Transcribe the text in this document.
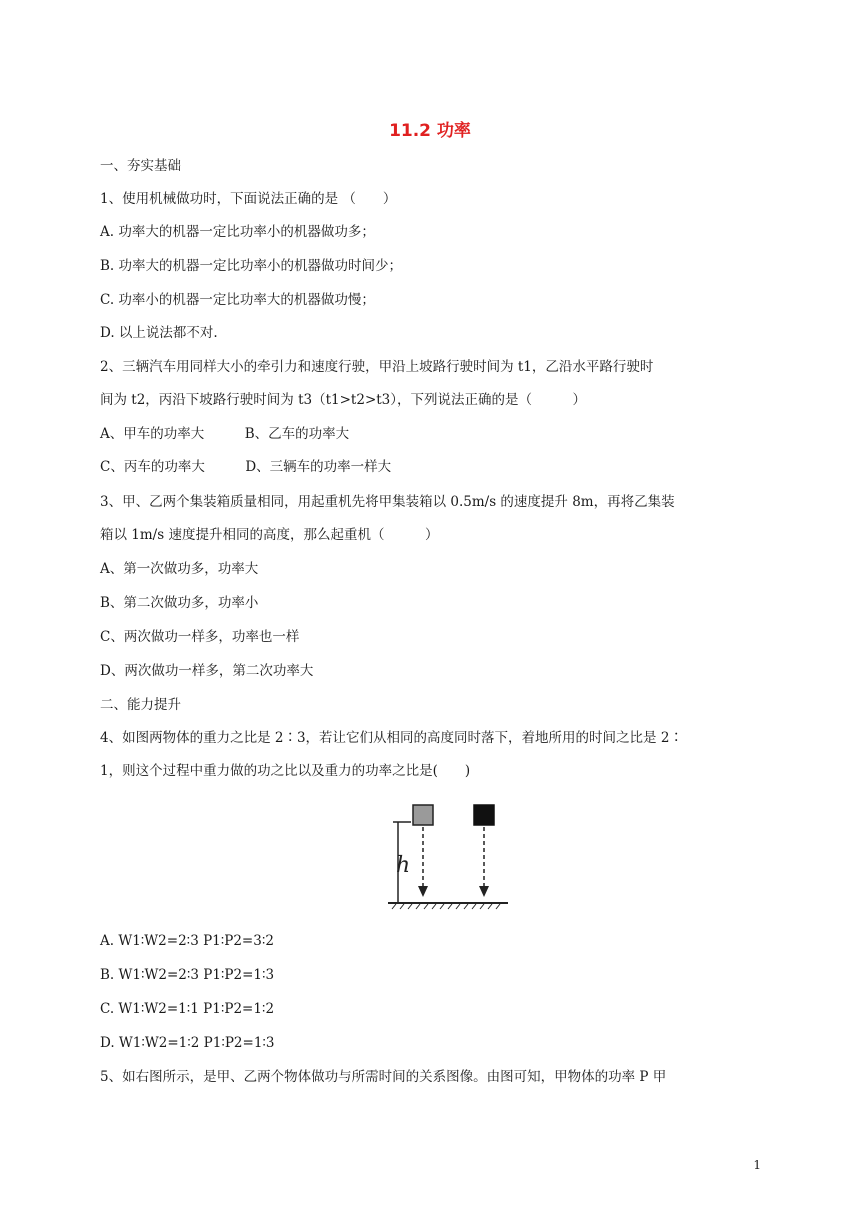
11.2 功率
一、夯实基础
1、使用机械做功时，下面说法正确的是 （　　）
A. 功率大的机器一定比功率小的机器做功多；
B. 功率大的机器一定比功率小的机器做功时间少；
C. 功率小的机器一定比功率大的机器做功慢；
D. 以上说法都不对.
2、三辆汽车用同样大小的牵引力和速度行驶，甲沿上坡路行驶时间为 t1，乙沿水平路行驶时
间为 t2，丙沿下坡路行驶时间为 t3（t1>t2>t3），下列说法正确的是（　　　）
A、甲车的功率大　　　B、乙车的功率大
C、丙车的功率大　　　D、三辆车的功率一样大
3、甲、乙两个集装箱质量相同，用起重机先将甲集装箱以 0.5m/s 的速度提升 8m，再将乙集装
箱以 1m/s 速度提升相同的高度，那么起重机（　　　）
A、第一次做功多，功率大
B、第二次做功多，功率小
C、两次做功一样多，功率也一样
D、两次做功一样多，第二次功率大
二、能力提升
4、如图两物体的重力之比是 2∶3，若让它们从相同的高度同时落下，着地所用的时间之比是 2∶
1，则这个过程中重力做的功之比以及重力的功率之比是(　　)
h
A. W1∶W2=2∶3 P1∶P2=3∶2
B. W1∶W2=2∶3 P1∶P2=1∶3
C. W1∶W2=1∶1 P1∶P2=1∶2
D. W1∶W2=1∶2 P1∶P2=1∶3
5、如右图所示，是甲、乙两个物体做功与所需时间的关系图像。由图可知，甲物体的功率 P 甲
1
